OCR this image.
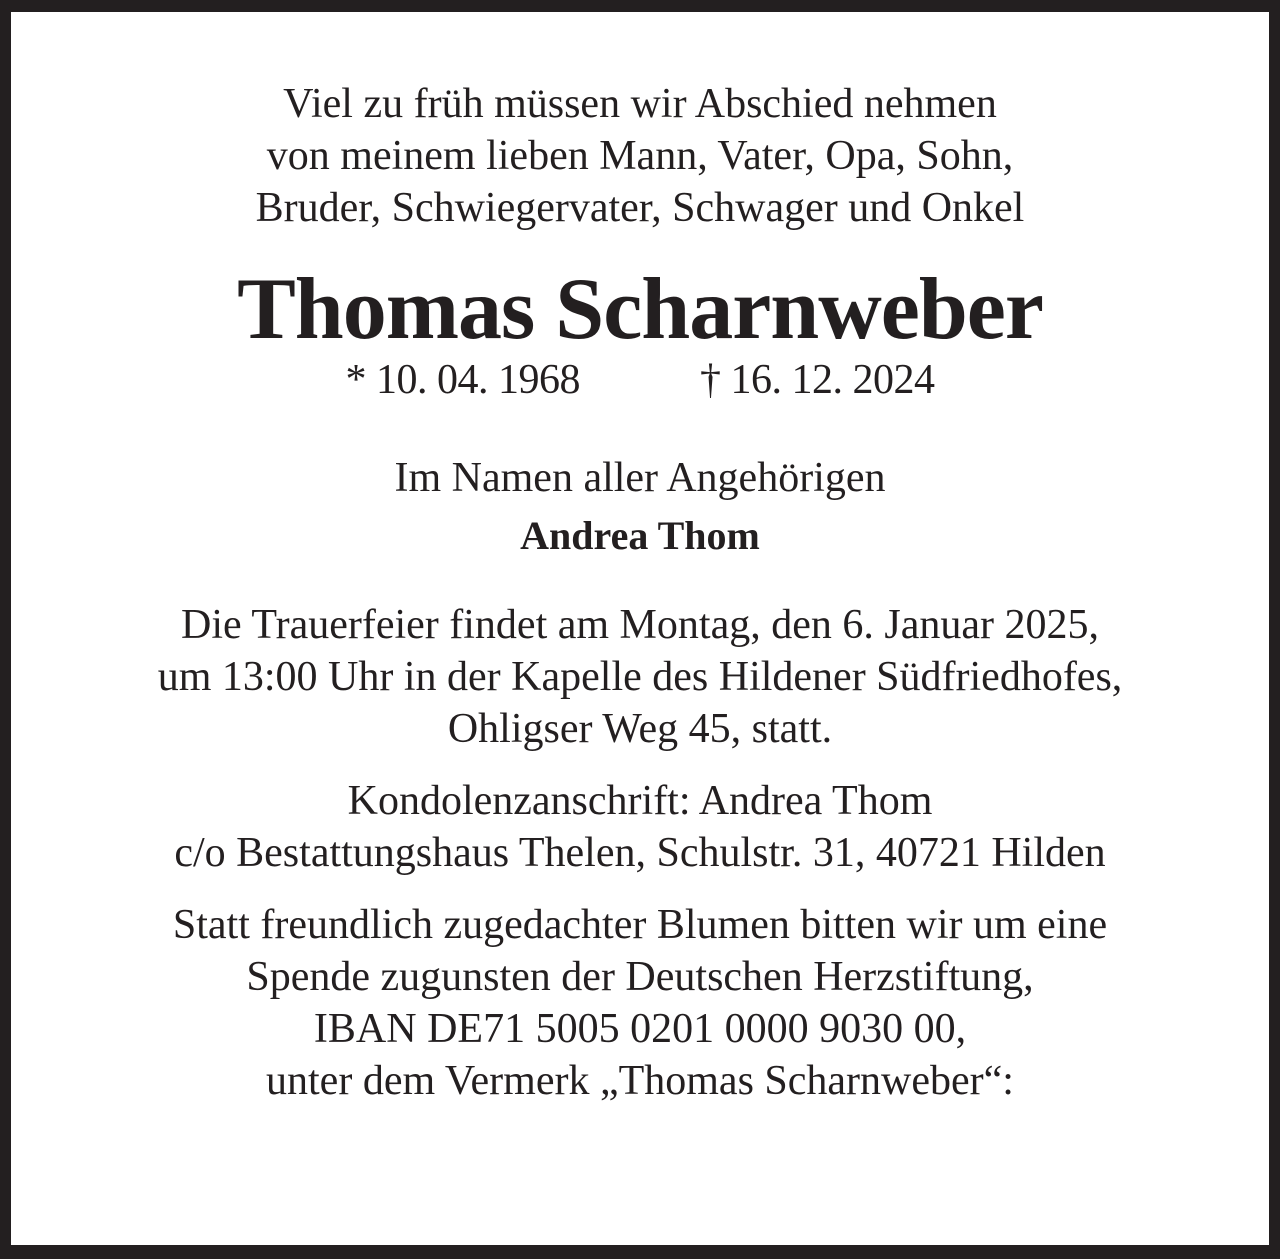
Viel zu früh müssen wir Abschied nehmen
von meinem lieben Mann, Vater, Opa, Sohn,
Bruder, Schwiegervater, Schwager und Onkel
Thomas Scharnweber
* 10. 04. 1968	† 16. 12. 2024
Im Namen aller Angehörigen
Andrea Thom
Die Trauerfeier findet am Montag, den 6. Januar 2025,
um 13:00 Uhr in der Kapelle des Hildener Südfriedhofes,
Ohligser Weg 45, statt.
Kondolenzanschrift: Andrea Thom
c/o Bestattungshaus Thelen, Schulstr. 31, 40721 Hilden
Statt freundlich zugedachter Blumen bitten wir um eine
Spende zugunsten der Deutschen Herzstiftung,
IBAN DE71 5005 0201 0000 9030 00,
unter dem Vermerk „Thomas Scharnweber“:
